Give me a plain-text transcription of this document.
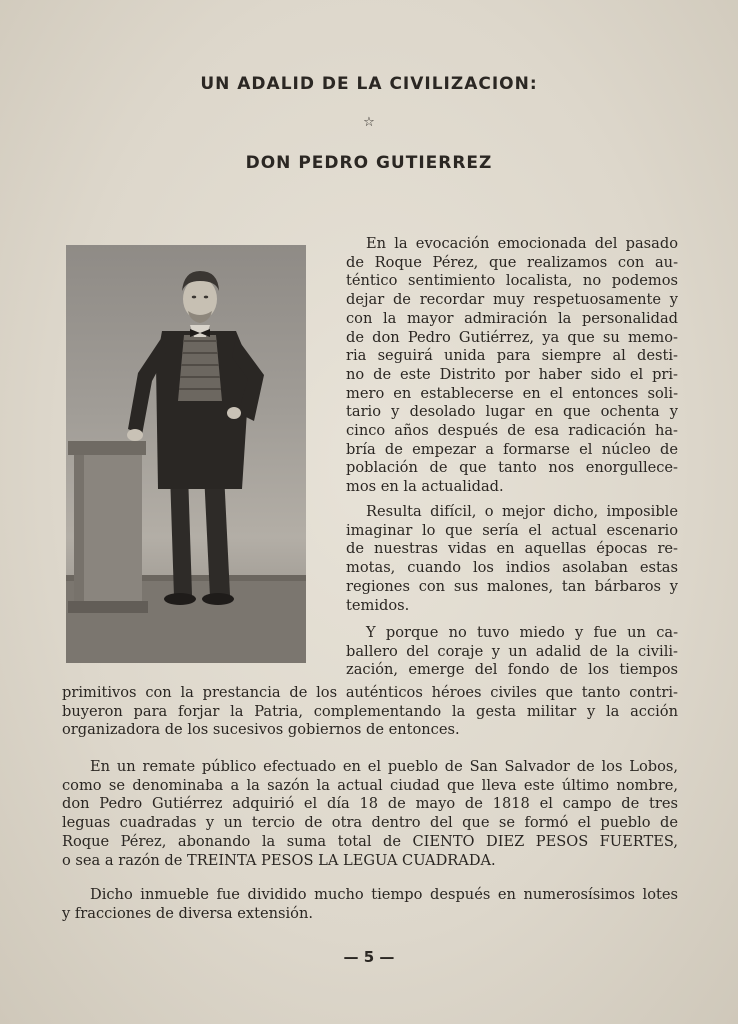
UN ADALID DE LA CIVILIZACION:
☆
DON PEDRO GUTIERREZ
En la evocación emocionada del pasado
de Roque Pérez, que realizamos con au-
téntico sentimiento localista, no podemos
dejar de recordar muy respetuosamente y
con la mayor admiración la personalidad
de don Pedro Gutiérrez, ya que su memo-
ria seguirá unida para siempre al desti-
no de este Distrito por haber sido el pri-
mero en establecerse en el entonces soli-
tario y desolado lugar en que ochenta y
cinco años después de esa radicación ha-
bría de empezar a formarse el núcleo de
población de que tanto nos enorgullece-
mos en la actualidad.
Resulta difícil, o mejor dicho, imposible
imaginar lo que sería el actual escenario
de nuestras vidas en aquellas épocas re-
motas, cuando los indios asolaban estas
regiones con sus malones, tan bárbaros y
temidos.
Y porque no tuvo miedo y fue un ca-
ballero del coraje y un adalid de la civili-
zación, emerge del fondo de los tiempos
primitivos con la prestancia de los auténticos héroes civiles que tanto contri-
buyeron para forjar la Patria, complementando la gesta militar y la acción
organizadora de los sucesivos gobiernos de entonces.
En un remate público efectuado en el pueblo de San Salvador de los Lobos,
como se denominaba a la sazón la actual ciudad que lleva este último nombre,
don Pedro Gutiérrez adquirió el día 18 de mayo de 1818 el campo de tres
leguas cuadradas y un tercio de otra dentro del que se formó el pueblo de
Roque Pérez, abonando la suma total de CIENTO DIEZ PESOS FUERTES,
o sea a razón de TREINTA PESOS LA LEGUA CUADRADA.
Dicho inmueble fue dividido mucho tiempo después en numerosísimos lotes
y fracciones de diversa extensión.
— 5 —
